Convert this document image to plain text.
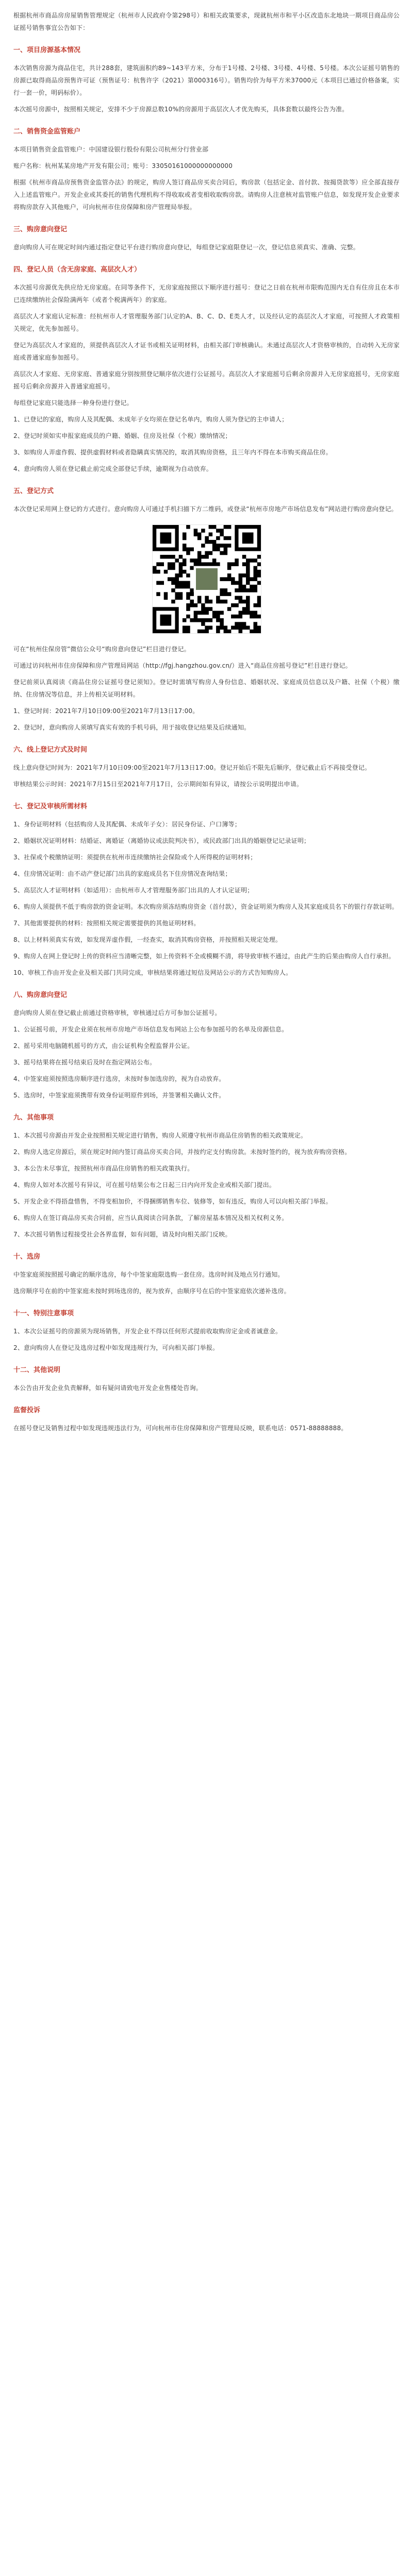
根据杭州市商品房房屋销售管理规定（杭州市人民政府令第298号）和相关政策要求，现就杭州市和平小区改造东北地块一期项目商品房公证摇号销售事宜公告如下：

一、项目房源基本情况

本次销售房源为商品住宅，共计288套，建筑面积约89~143平方米，分布于1号楼、2号楼、3号楼、4号楼、5号楼。本次公证摇号销售的房源已取得商品房预售许可证（预售证号：杭售许字（2021）第000316号）。销售均价为每平方米37000元（本项目已通过价格备案，实行一套一价，明码标价）。

本次摇号房源中，按照相关规定，安排不少于房源总数10%的房源用于高层次人才优先购买，具体套数以最终公告为准。

二、销售资金监管账户

本项目销售资金监管账户：中国建设银行股份有限公司杭州分行营业部

账户名称：杭州某某房地产开发有限公司；账号：33050161000000000000

根据《杭州市商品房预售资金监管办法》的规定，购房人签订商品房买卖合同后，购房款（包括定金、首付款、按揭贷款等）应全部直接存入上述监管账户。开发企业或其委托的销售代理机构不得收取或者变相收取购房款。请购房人注意核对监管账户信息，如发现开发企业要求将购房款存入其他账户，可向杭州市住房保障和房产管理局举报。

三、购房意向登记

意向购房人可在规定时间内通过指定登记平台进行购房意向登记，每组登记家庭限登记一次，登记信息须真实、准确、完整。

四、登记人员（含无房家庭、高层次人才）

本次摇号房源优先供应给无房家庭。在同等条件下，无房家庭按照以下顺序进行摇号：登记之日前在杭州市限购范围内无自有住房且在本市已连续缴纳社会保险满两年（或者个税满两年）的家庭。

高层次人才家庭认定标准：经杭州市人才管理服务部门认定的A、B、C、D、E类人才，以及经认定的高层次人才家庭，可按照人才政策相关规定，优先参加摇号。

登记为高层次人才家庭的，须提供高层次人才证书或相关证明材料，由相关部门审核确认。未通过高层次人才资格审核的，自动转入无房家庭或普通家庭参加摇号。

高层次人才家庭、无房家庭、普通家庭分别按照登记顺序依次进行公证摇号。高层次人才家庭摇号后剩余房源并入无房家庭摇号，无房家庭摇号后剩余房源并入普通家庭摇号。

每组登记家庭只能选择一种身份进行登记。

1、已登记的家庭，购房人及其配偶、未成年子女均须在登记名单内，购房人须为登记的主申请人；

2、登记时须如实申报家庭成员的户籍、婚姻、住房及社保（个税）缴纳情况；

3、如购房人弄虚作假、提供虚假材料或者隐瞒真实情况的，取消其购房资格，且三年内不得在本市购买商品住房。

4、意向购房人须在登记截止前完成全部登记手续，逾期视为自动放弃。

五、登记方式

本次登记采用网上登记的方式进行。意向购房人可通过手机扫描下方二维码，或登录“杭州市房地产市场信息发布”网站进行购房意向登记。

可在“杭州住保房管”微信公众号“购房意向登记”栏目进行登记。

可通过访问杭州市住房保障和房产管理局网站（http://fgj.hangzhou.gov.cn/）进入“商品住房摇号登记”栏目进行登记。

登记前须认真阅读《商品住房公证摇号登记须知》。登记时需填写购房人身份信息、婚姻状况、家庭成员信息以及户籍、社保（个税）缴纳、住房情况等信息，并上传相关证明材料。

1、登记时间：2021年7月10日09:00至2021年7月13日17:00。

2、登记时，意向购房人须填写真实有效的手机号码，用于接收登记结果及后续通知。

六、线上登记方式及时间

线上意向登记时间为：2021年7月10日09:00至2021年7月13日17:00。登记开始后不限先后顺序，登记截止后不再接受登记。

审核结果公示时间：2021年7月15日至2021年7月17日，公示期间如有异议，请按公示说明提出申请。

七、登记及审核所需材料

1、身份证明材料（包括购房人及其配偶、未成年子女）：居民身份证、户口簿等；

2、婚姻状况证明材料：结婚证、离婚证（离婚协议或法院判决书），或民政部门出具的婚姻登记记录证明；

3、社保或个税缴纳证明：须提供在杭州市连续缴纳社会保险或个人所得税的证明材料；

4、住房情况证明：由不动产登记部门出具的家庭成员名下住房情况查询结果；

5、高层次人才证明材料（如适用）：由杭州市人才管理服务部门出具的人才认定证明；

6、购房人须提供不低于购房款的资金证明。本次购房须冻结购房资金（首付款），资金证明须为购房人及其家庭成员名下的银行存款证明。

7、其他需要提供的材料：按照相关规定需要提供的其他证明材料。

8、以上材料须真实有效，如发现弄虚作假，一经查实，取消其购房资格，并按照相关规定处理。

9、购房人在网上登记时上传的资料应当清晰完整，如上传资料不全或模糊不清，将导致审核不通过，由此产生的后果由购房人自行承担。

10、审核工作由开发企业及相关部门共同完成，审核结果将通过短信及网站公示的方式告知购房人。

八、购房意向登记

意向购房人须在登记截止前通过资格审核，审核通过后方可参加公证摇号。

1、公证摇号前，开发企业须在杭州市房地产市场信息发布网站上公布参加摇号的名单及房源信息。

2、摇号采用电脑随机摇号的方式，由公证机构全程监督并公证。

3、摇号结果将在摇号结束后及时在指定网站公布。

4、中签家庭须按照选房顺序进行选房，未按时参加选房的，视为自动放弃。

5、选房时，中签家庭须携带有效身份证明原件到场，并签署相关确认文件。

九、其他事项

1、本次摇号房源由开发企业按照相关规定进行销售，购房人须遵守杭州市商品住房销售的相关政策规定。

2、购房人选定房源后，须在规定时间内签订商品房买卖合同，并按约定支付购房款。未按时签约的，视为放弃购房资格。

3、本公告未尽事宜，按照杭州市商品住房销售的相关政策执行。

4、购房人如对本次摇号有异议，可在摇号结果公布之日起三日内向开发企业或相关部门提出。

5、开发企业不得捂盘惜售，不得变相加价，不得捆绑销售车位、装修等，如有违反，购房人可以向相关部门举报。

6、购房人在签订商品房买卖合同前，应当认真阅读合同条款，了解房屋基本情况及相关权利义务。

7、本次摇号销售过程接受社会各界监督，如有问题，请及时向相关部门反映。

十、选房

中签家庭须按照摇号确定的顺序选房，每个中签家庭限选购一套住房。选房时间及地点另行通知。

选房顺序号在前的中签家庭未按时到场选房的，视为放弃，由顺序号在后的中签家庭依次递补选房。

十一、特别注意事项

1、本次公证摇号的房源须为现场销售，开发企业不得以任何形式提前收取购房定金或者诚意金。

2、意向购房人在登记及选房过程中如发现违规行为，可向相关部门举报。

十二、其他说明

本公告由开发企业负责解释，如有疑问请致电开发企业售楼处咨询。

监督投诉

在摇号登记及销售过程中如发现违规违法行为，可向杭州市住房保障和房产管理局反映，联系电话：0571-88888888。
